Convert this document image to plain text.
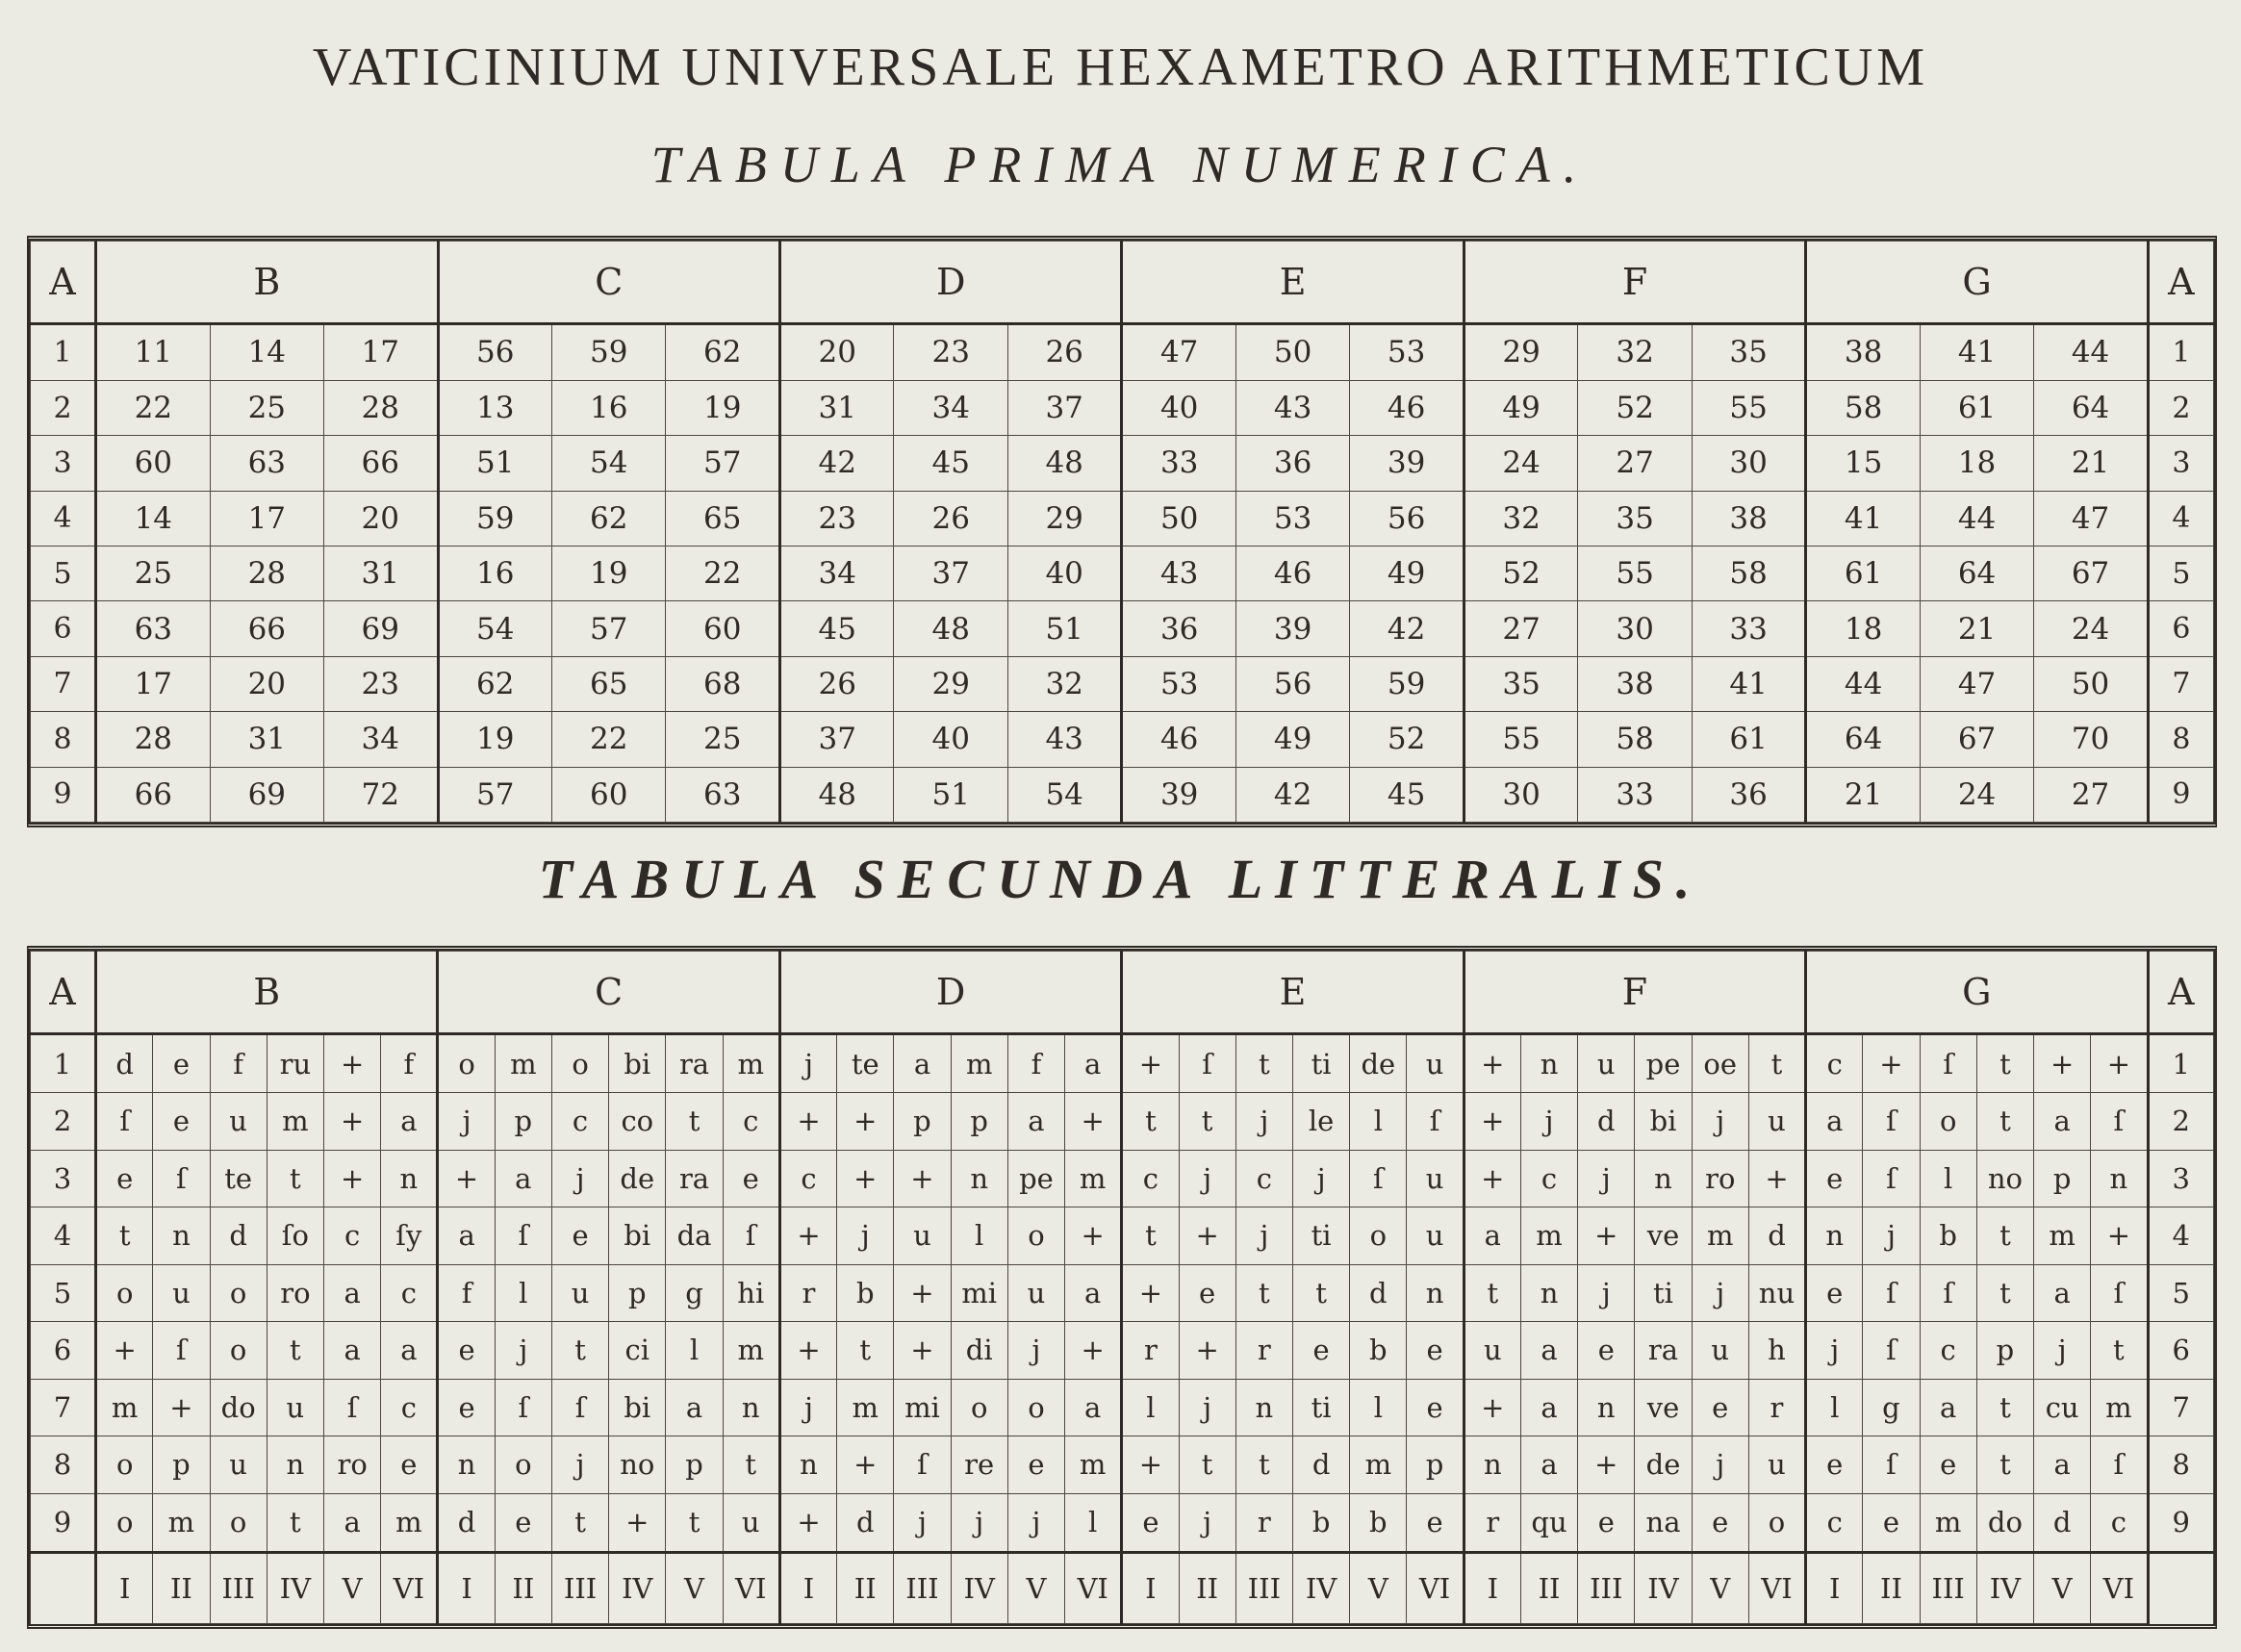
VATICINIUM UNIVERSALE HEXAMETRO ARITHMETICUM
TABULA PRIMA NUMERICA.
A	B			C			D			E			F			G			A
1	11	14	17	56	59	62	20	23	26	47	50	53	29	32	35	38	41	44	1
2	22	25	28	13	16	19	31	34	37	40	43	46	49	52	55	58	61	64	2
3	60	63	66	51	54	57	42	45	48	33	36	39	24	27	30	15	18	21	3
4	14	17	20	59	62	65	23	26	29	50	53	56	32	35	38	41	44	47	4
5	25	28	31	16	19	22	34	37	40	43	46	49	52	55	58	61	64	67	5
6	63	66	69	54	57	60	45	48	51	36	39	42	27	30	33	18	21	24	6
7	17	20	23	62	65	68	26	29	32	53	56	59	35	38	41	44	47	50	7
8	28	31	34	19	22	25	37	40	43	46	49	52	55	58	61	64	67	70	8
9	66	69	72	57	60	63	48	51	54	39	42	45	30	33	36	21	24	27	9
TABULA SECUNDA LITTERALIS.
A	B						C						D						E						F						G						A
1	d	e	f	ru	+	f	o	m	o	bi	ra	m	j	te	a	m	f	a	+	ſ	t	ti	de	u	+	n	u	pe	oe	t	c	+	ſ	t	+	+	1
2	ſ	e	u	m	+	a	j	p	c	co	t	c	+	+	p	p	a	+	t	t	j	le	l	ſ	+	j	d	bi	j	u	a	ſ	o	t	a	ſ	2
3	e	ſ	te	t	+	n	+	a	j	de	ra	e	c	+	+	n	pe	m	c	j	c	j	ſ	u	+	c	j	n	ro	+	e	ſ	l	no	p	n	3
4	t	n	d	ſo	c	ſy	a	ſ	e	bi	da	ſ	+	j	u	l	o	+	t	+	j	ti	o	u	a	m	+	ve	m	d	n	j	b	t	m	+	4
5	o	u	o	ro	a	c	f	l	u	p	g	hi	r	b	+	mi	u	a	+	e	t	t	d	n	t	n	j	ti	j	nu	e	ſ	ſ	t	a	ſ	5
6	+	ſ	o	t	a	a	e	j	t	ci	l	m	+	t	+	di	j	+	r	+	r	e	b	e	u	a	e	ra	u	h	j	ſ	c	p	j	t	6
7	m	+	do	u	ſ	c	e	ſ	ſ	bi	a	n	j	m	mi	o	o	a	l	j	n	ti	l	e	+	a	n	ve	e	r	l	g	a	t	cu	m	7
8	o	p	u	n	ro	e	n	o	j	no	p	t	n	+	ſ	re	e	m	+	t	t	d	m	p	n	a	+	de	j	u	e	ſ	e	t	a	ſ	8
9	o	m	o	t	a	m	d	e	t	+	t	u	+	d	j	j	j	l	e	j	r	b	b	e	r	qu	e	na	e	o	c	e	m	do	d	c	9
	I	II	III	IV	V	VI	I	II	III	IV	V	VI	I	II	III	IV	V	VI	I	II	III	IV	V	VI	I	II	III	IV	V	VI	I	II	III	IV	V	VI	
